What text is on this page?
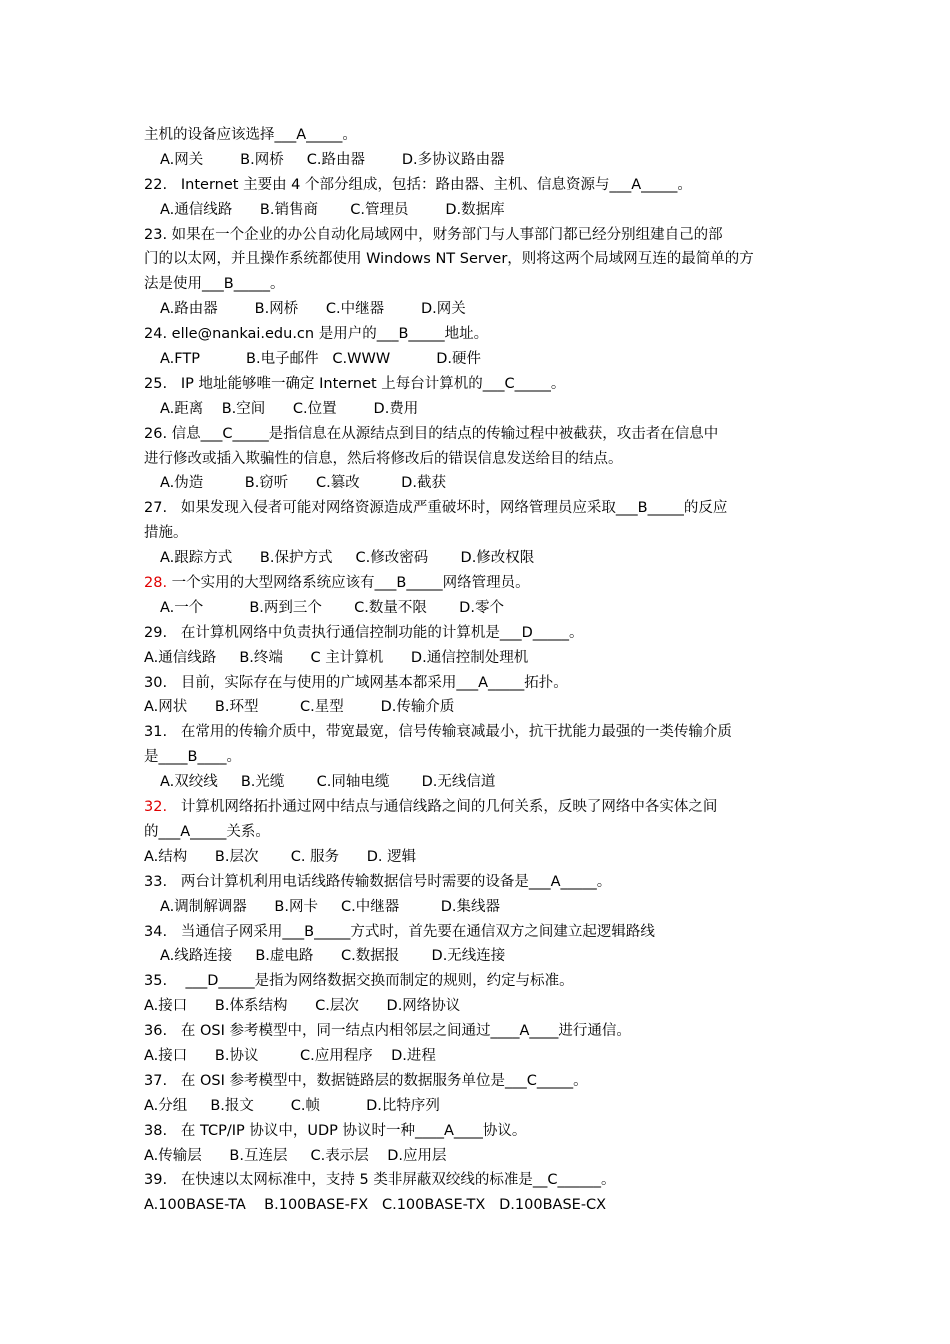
主机的设备应该选择___A_____。
A.网关        B.网桥     C.路由器        D.多协议路由器
22.   Internet 主要由 4 个部分组成，包括：路由器、主机、信息资源与___A_____。
A.通信线路      B.销售商       C.管理员        D.数据库
23. 如果在一个企业的办公自动化局域网中，财务部门与人事部门都已经分别组建自己的部
门的以太网，并且操作系统都使用 Windows NT Server，则将这两个局域网互连的最简单的方
法是使用___B_____。
A.路由器        B.网桥      C.中继器        D.网关
24. elle@nankai.edu.cn 是用户的___B_____地址。
A.FTP          B.电子邮件   C.WWW          D.硬件
25.   IP 地址能够唯一确定 Internet 上每台计算机的___C_____。
A.距离    B.空间      C.位置        D.费用
26. 信息___C_____是指信息在从源结点到目的结点的传输过程中被截获，攻击者在信息中
进行修改或插入欺骗性的信息，然后将修改后的错误信息发送给目的结点。
A.伪造         B.窃听      C.篡改         D.截获
27.   如果发现入侵者可能对网络资源造成严重破坏时，网络管理员应采取___B_____的反应
措施。
A.跟踪方式      B.保护方式     C.修改密码       D.修改权限
28. 一个实用的大型网络系统应该有___B_____网络管理员。
A.一个          B.两到三个       C.数量不限       D.零个
29.   在计算机网络中负责执行通信控制功能的计算机是___D_____。
A.通信线路     B.终端      C 主计算机      D.通信控制处理机
30.   目前，实际存在与使用的广域网基本都采用___A_____拓扑。
A.网状      B.环型         C.星型        D.传输介质
31.   在常用的传输介质中，带宽最宽，信号传输衰减最小，抗干扰能力最强的一类传输介质
是____B____。
A.双绞线     B.光缆       C.同轴电缆       D.无线信道
32.   计算机网络拓扑通过网中结点与通信线路之间的几何关系，反映了网络中各实体之间
的___A_____关系。
A.结构      B.层次       C. 服务      D. 逻辑
33.   两台计算机利用电话线路传输数据信号时需要的设备是___A_____。
A.调制解调器      B.网卡     C.中继器         D.集线器
34.   当通信子网采用___B_____方式时，首先要在通信双方之间建立起逻辑路线
A.线路连接     B.虚电路      C.数据报       D.无线连接
35.    ___D_____是指为网络数据交换而制定的规则，约定与标准。
A.接口      B.体系结构      C.层次      D.网络协议
36.   在 OSI 参考模型中，同一结点内相邻层之间通过____A____进行通信。
A.接口      B.协议         C.应用程序    D.进程
37.   在 OSI 参考模型中，数据链路层的数据服务单位是___C_____。
A.分组     B.报文        C.帧          D.比特序列
38.   在 TCP/IP 协议中，UDP 协议时一种____A____协议。
A.传输层      B.互连层     C.表示层    D.应用层
39.   在快速以太网标准中，支持 5 类非屏蔽双绞线的标准是__C______。
A.100BASE-TA    B.100BASE-FX   C.100BASE-TX   D.100BASE-CX
